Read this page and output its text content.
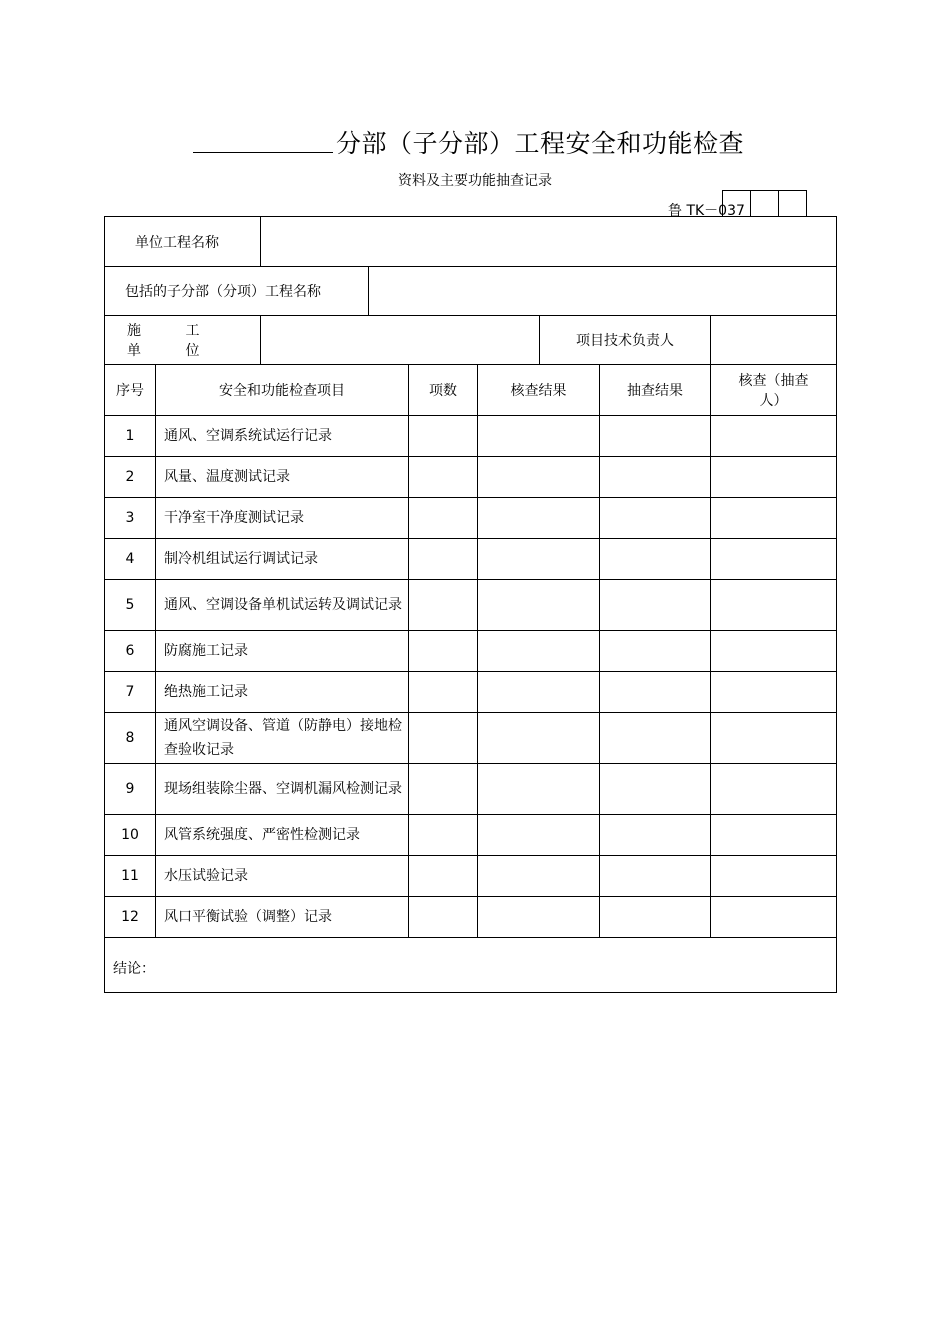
分部（子分部）工程安全和功能检查
资料及主要功能抽查记录
鲁 TK－037
单位工程名称								
包括的子分部（分项）工程名称								
施 工 单 位						项目技术负责人		
序号	安全和功能检查项目			项数	核查结果		抽查结果	核查（抽查人）
1	通风、空调系统试运行记录							
2	风量、温度测试记录							
3	干净室干净度测试记录							
4	制冷机组试运行调试记录							
5	通风、空调设备单机试运转及调试记录							
6	防腐施工记录							
7	绝热施工记录							
8	通风空调设备、管道（防静电）接地检查验收记录							
9	现场组装除尘器、空调机漏风检测记录							
10	风管系统强度、严密性检测记录							
11	水压试验记录							
12	风口平衡试验（调整）记录							
结论：								
